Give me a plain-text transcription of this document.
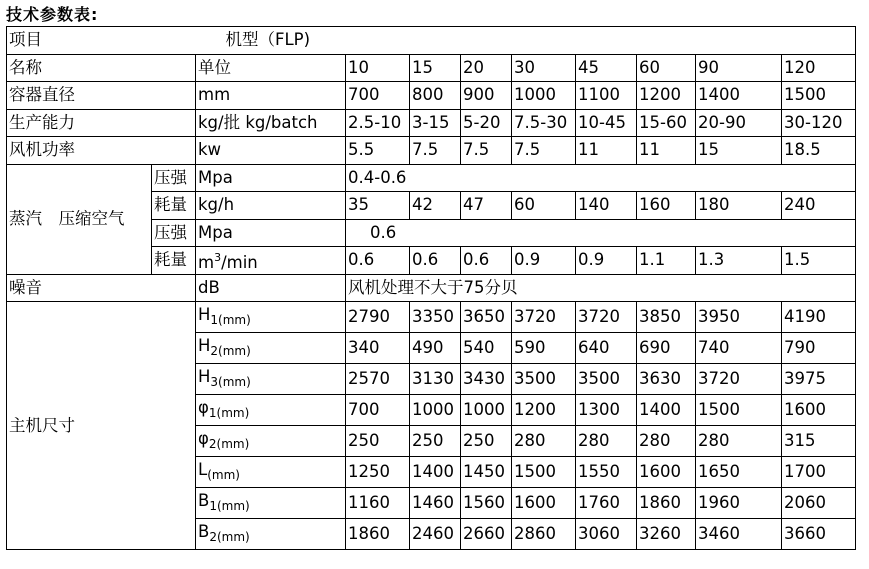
技术参数表:
项目		机型（FLP)								
名称		单位	10	15	20	30	45	60	90	120
容器直径		mm	700	800	900	1000	1100	1200	1400	1500
生产能力		kg/批 kg/batch	2.5-10	3-15	5-20	7.5-30	10-45	15-60	20-90	30-120
风机功率		kw	5.5	7.5	7.5	7.5	11	11	15	18.5
蒸汽　压缩空气	压强	Mpa	0.4-0.6							
	耗量	kg/h	35	42	47	60	140	160	180	240
	压强	Mpa	0.6							
	耗量	$m^3/\min$	0.6	0.6	0.6	0.9	0.9	1.1	1.3	1.5
噪音		dB	风机处理不大于75分贝							
主机尺寸		$H_{1(mm)}$	2790	3350	3650	3720	3720	3850	3950	4190
		$H_{2(mm)}$	340	490	540	590	640	690	740	790
		$H_{3(mm)}$	2570	3130	3430	3500	3500	3630	3720	3975
		$\varphi_{1(mm)}$	700	1000	1000	1200	1300	1400	1500	1600
		$\varphi_{2(mm)}$	250	250	250	280	280	280	280	315
		$L_{(mm)}$	1250	1400	1450	1500	1550	1600	1650	1700
		$B_{1(mm)}$	1160	1460	1560	1600	1760	1860	1960	2060
		$B_{2(mm)}$	1860	2460	2660	2860	3060	3260	3460	3660
